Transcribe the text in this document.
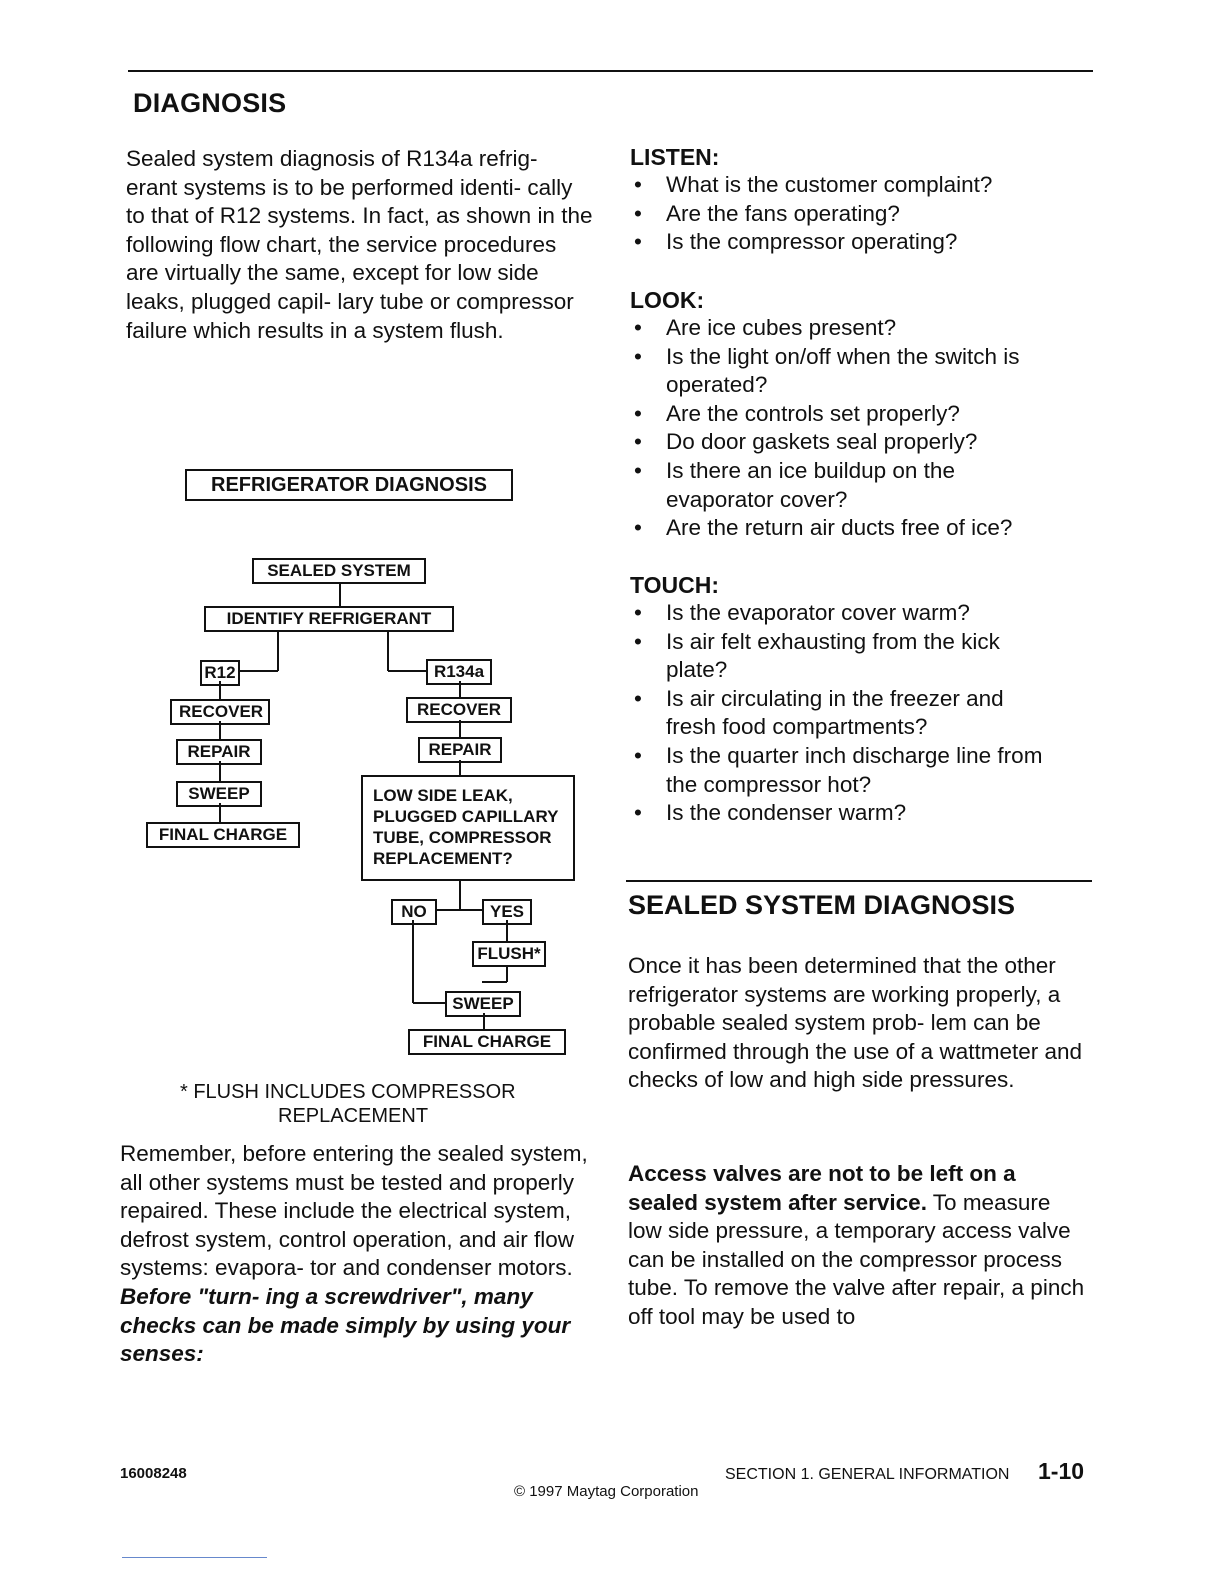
DIAGNOSIS

Sealed system diagnosis of R134a refrig- erant systems is to be performed identi- cally to that of R12 systems. In fact, as shown in the following flow chart, the service procedures are virtually the same, except for low side leaks, plugged capil- lary tube or compressor failure which results in a system flush.

REFRIGERATOR DIAGNOSIS
SEALED SYSTEM
IDENTIFY REFRIGERANT
R12	R134a
RECOVER
REPAIR
SWEEP
FINAL CHARGE
RECOVER
REPAIR
LOW SIDE LEAK, PLUGGED CAPILLARY TUBE, COMPRESSOR REPLACEMENT?
NO	YES
FLUSH*
SWEEP
FINAL CHARGE
* FLUSH INCLUDES COMPRESSOR
REPLACEMENT

Remember, before entering the sealed system, all other systems must be tested and properly repaired. These include the electrical system, defrost system, control operation, and air flow systems: evapora- tor and condenser motors. Before "turn- ing a screwdriver", many checks can be made simply by using your senses:

LISTEN:
• What is the customer complaint?
• Are the fans operating?
• Is the compressor operating?
LOOK:
• Are ice cubes present?
• Is the light on/off when the switch is operated?
• Are the controls set properly?
• Do door gaskets seal properly?
• Is there an ice buildup on the evaporator cover?
• Are the return air ducts free of ice?
TOUCH:
• Is the evaporator cover warm?
• Is air felt exhausting from the kick plate?
• Is air circulating in the freezer and fresh food compartments?
• Is the quarter inch discharge line from the compressor hot?
• Is the condenser warm?
SEALED SYSTEM DIAGNOSIS

Once it has been determined that the other refrigerator systems are working properly, a probable sealed system prob- lem can be confirmed through the use of a wattmeter and checks of low and high side pressures.

Access valves are not to be left on a sealed system after service. To measure low side pressure, a temporary access valve can be installed on the compressor process tube. To remove the valve after repair, a pinch off tool may be used to

16008248	SECTION 1. GENERAL INFORMATION 1-10
© 1997 Maytag Corporation
